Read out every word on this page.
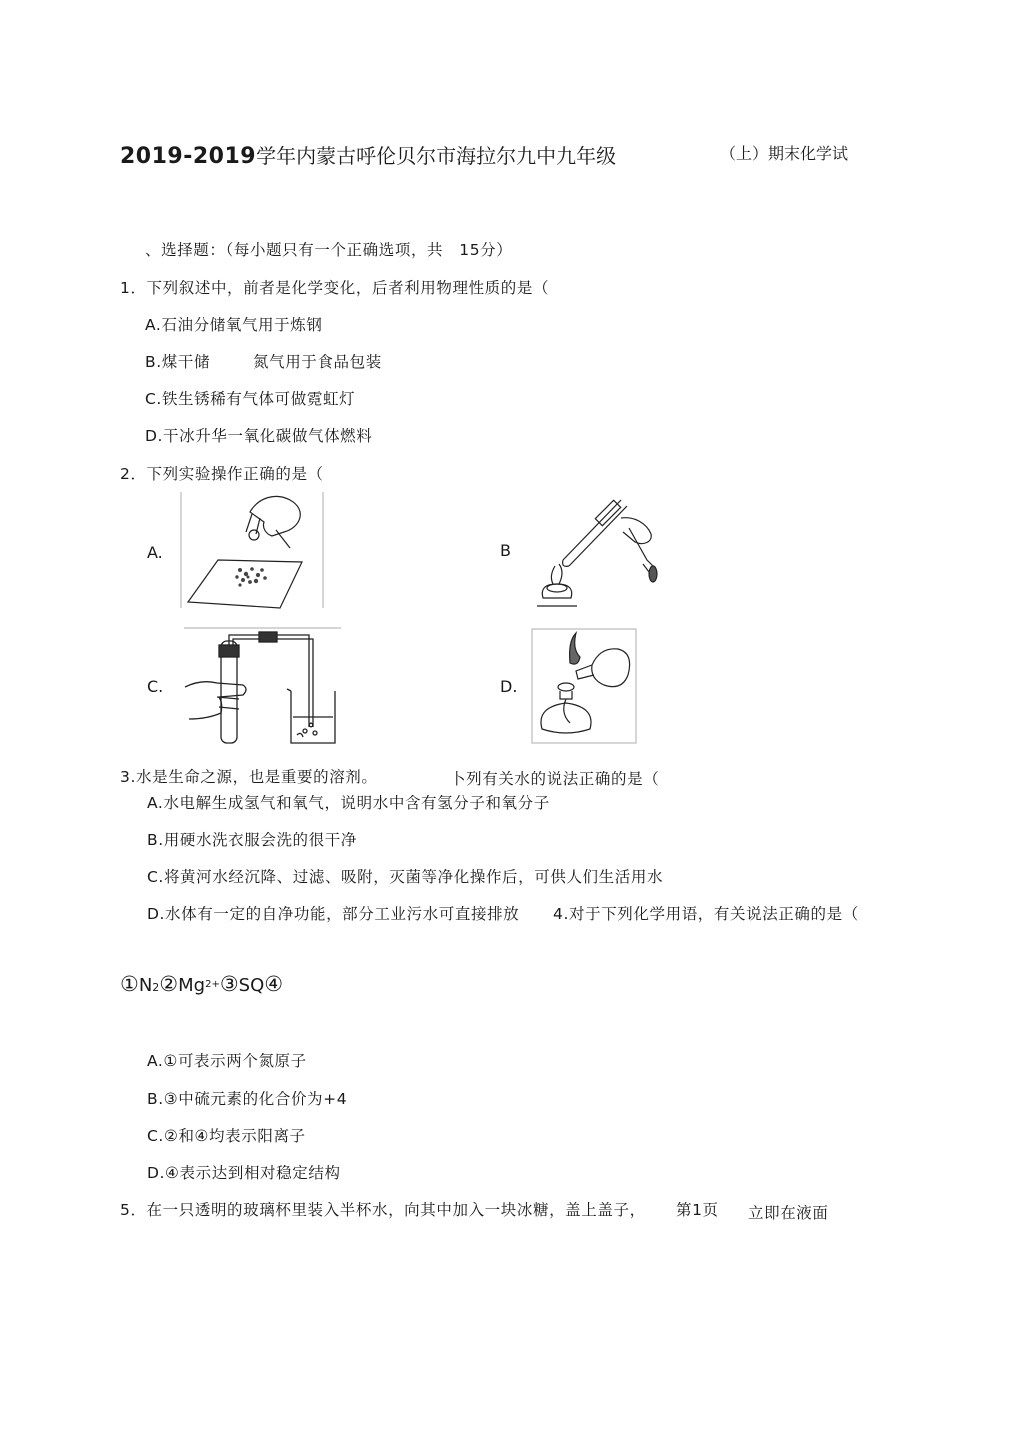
2019-2019学年内蒙古呼伦贝尔市海拉尔九中九年级	（上）期末化学试
、选择题：（每小题只有一个正确选项，共　15分）
1．下列叙述中，前者是化学变化，后者利用物理性质的是（
A.石油分储氧气用于炼钢
B.煤干储	氮气用于食品包装
C.铁生锈稀有气体可做霓虹灯
D.干冰升华一氧化碳做气体燃料
2．下列实验操作正确的是（
A.	B
C.	D.
3.水是生命之源，也是重要的溶剂。	卜列有关水的说法正确的是（
A.水电解生成氢气和氧气，说明水中含有氢分子和氧分子
B.用硬水洗衣服会洗的很干净
C.将黄河水经沉降、过滤、吸附，灭菌等净化操作后，可供人们生活用水
D.水体有一定的自净功能，部分工业污水可直接排放 4.对于下列化学用语，有关说法正确的是（
$①N2②Mg^{2+}③SQ④$
A.①可表示两个氮原子
B.③中硫元素的化合价为+4
C.②和④均表示阳离子
D.④表示达到相对稳定结构
5．在一只透明的玻璃杯里装入半杯水，向其中加入一块冰糖，盖上盖子， 第1页 立即在液面
